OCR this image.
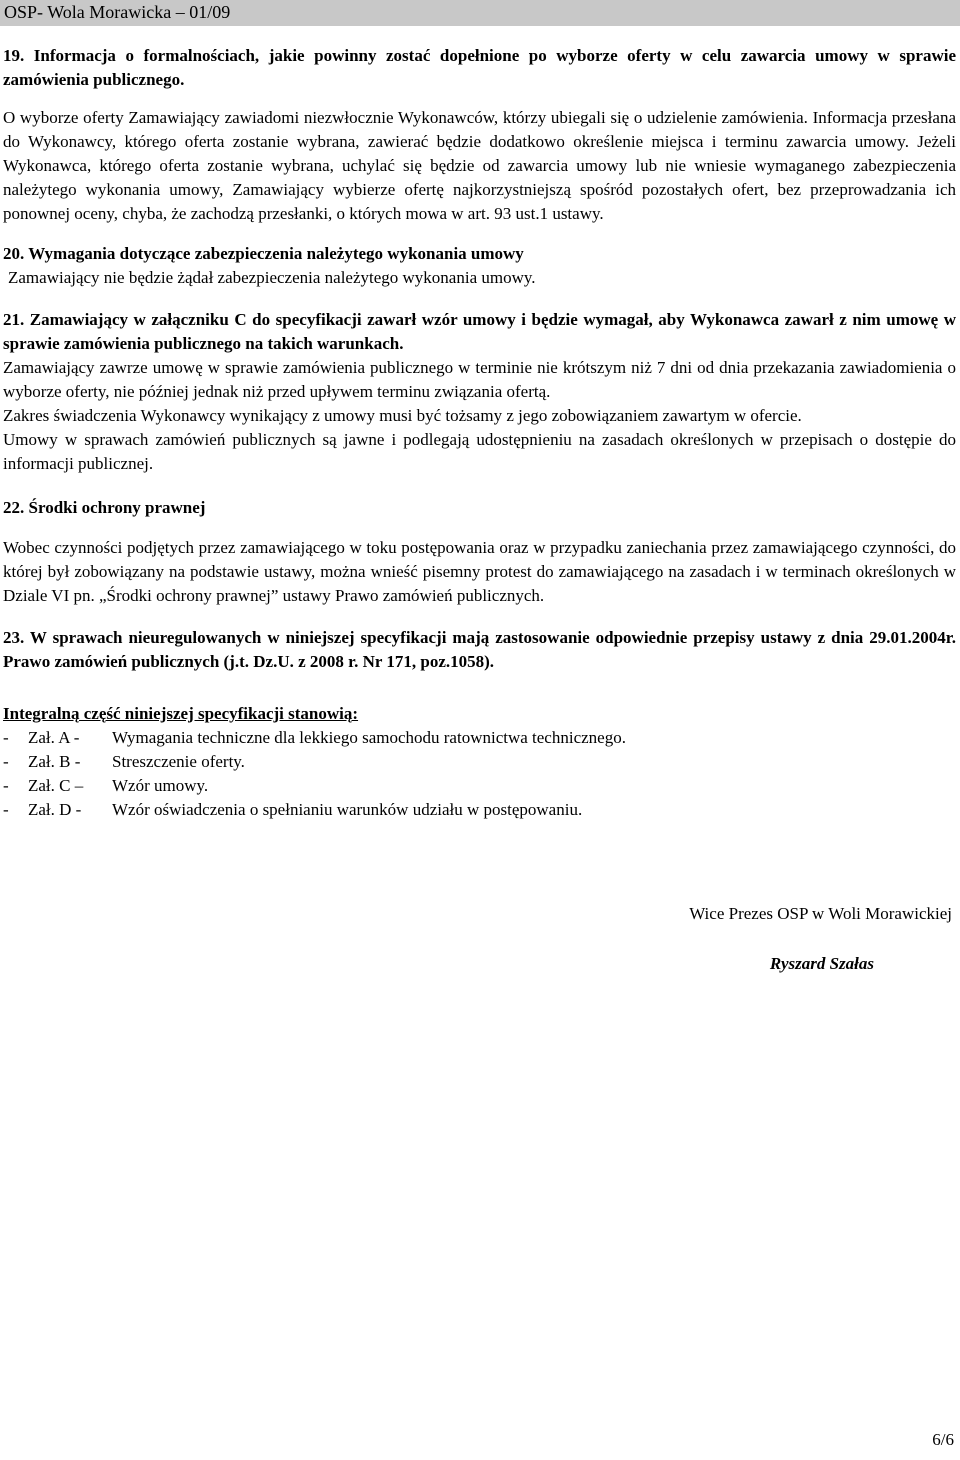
OSP- Wola Morawicka – 01/09

19. Informacja o formalnościach, jakie powinny zostać dopełnione po wyborze oferty w celu zawarcia umowy w sprawie zamówienia publicznego.

O wyborze oferty Zamawiający zawiadomi niezwłocznie Wykonawców, którzy ubiegali się o udzielenie zamówienia. Informacja przesłana do Wykonawcy, którego oferta zostanie wybrana, zawierać będzie dodatkowo określenie miejsca i terminu zawarcia umowy. Jeżeli Wykonawca, którego oferta zostanie wybrana, uchylać się będzie od zawarcia umowy lub nie wniesie wymaganego zabezpieczenia należytego wykonania umowy, Zamawiający wybierze ofertę najkorzystniejszą spośród pozostałych ofert, bez przeprowadzania ich ponownej oceny, chyba, że zachodzą przesłanki, o których mowa w art. 93 ust.1 ustawy.

20. Wymagania dotyczące zabezpieczenia należytego wykonania umowy

Zamawiający nie będzie żądał zabezpieczenia należytego wykonania umowy.

21. Zamawiający w załączniku C do specyfikacji zawarł wzór umowy i będzie wymagał, aby Wykonawca zawarł z nim umowę w sprawie zamówienia publicznego na takich warunkach.

Zamawiający zawrze umowę w sprawie zamówienia publicznego w terminie nie krótszym niż 7 dni od dnia przekazania zawiadomienia o wyborze oferty, nie później jednak niż przed upływem terminu związania ofertą.

Zakres świadczenia Wykonawcy wynikający z umowy musi być tożsamy z jego zobowiązaniem zawartym w ofercie.

Umowy w sprawach zamówień publicznych są jawne i podlegają udostępnieniu na zasadach określonych w przepisach o dostępie do informacji publicznej.

22. Środki ochrony prawnej

Wobec czynności podjętych przez zamawiającego w toku postępowania oraz w przypadku zaniechania przez zamawiającego czynności, do której był zobowiązany na podstawie ustawy, można wnieść pisemny protest do zamawiającego na zasadach i w terminach określonych w Dziale VI pn. „Środki ochrony prawnej” ustawy Prawo zamówień publicznych.

23. W sprawach nieuregulowanych w niniejszej specyfikacji mają zastosowanie odpowiednie przepisy ustawy z dnia 29.01.2004r. Prawo zamówień publicznych (j.t. Dz.U. z 2008 r. Nr 171, poz.1058).

Integralną część niniejszej specyfikacji stanowią:

-	Zał. A -	Wymagania techniczne dla lekkiego samochodu ratownictwa technicznego.
-	Zał. B -	Streszczenie oferty.
-	Zał. C –	Wzór umowy.
-	Zał. D -	Wzór oświadczenia o spełnianiu warunków udziału w postępowaniu.
Wice Prezes OSP w Woli Morawickiej
Ryszard Szałas
6/6
